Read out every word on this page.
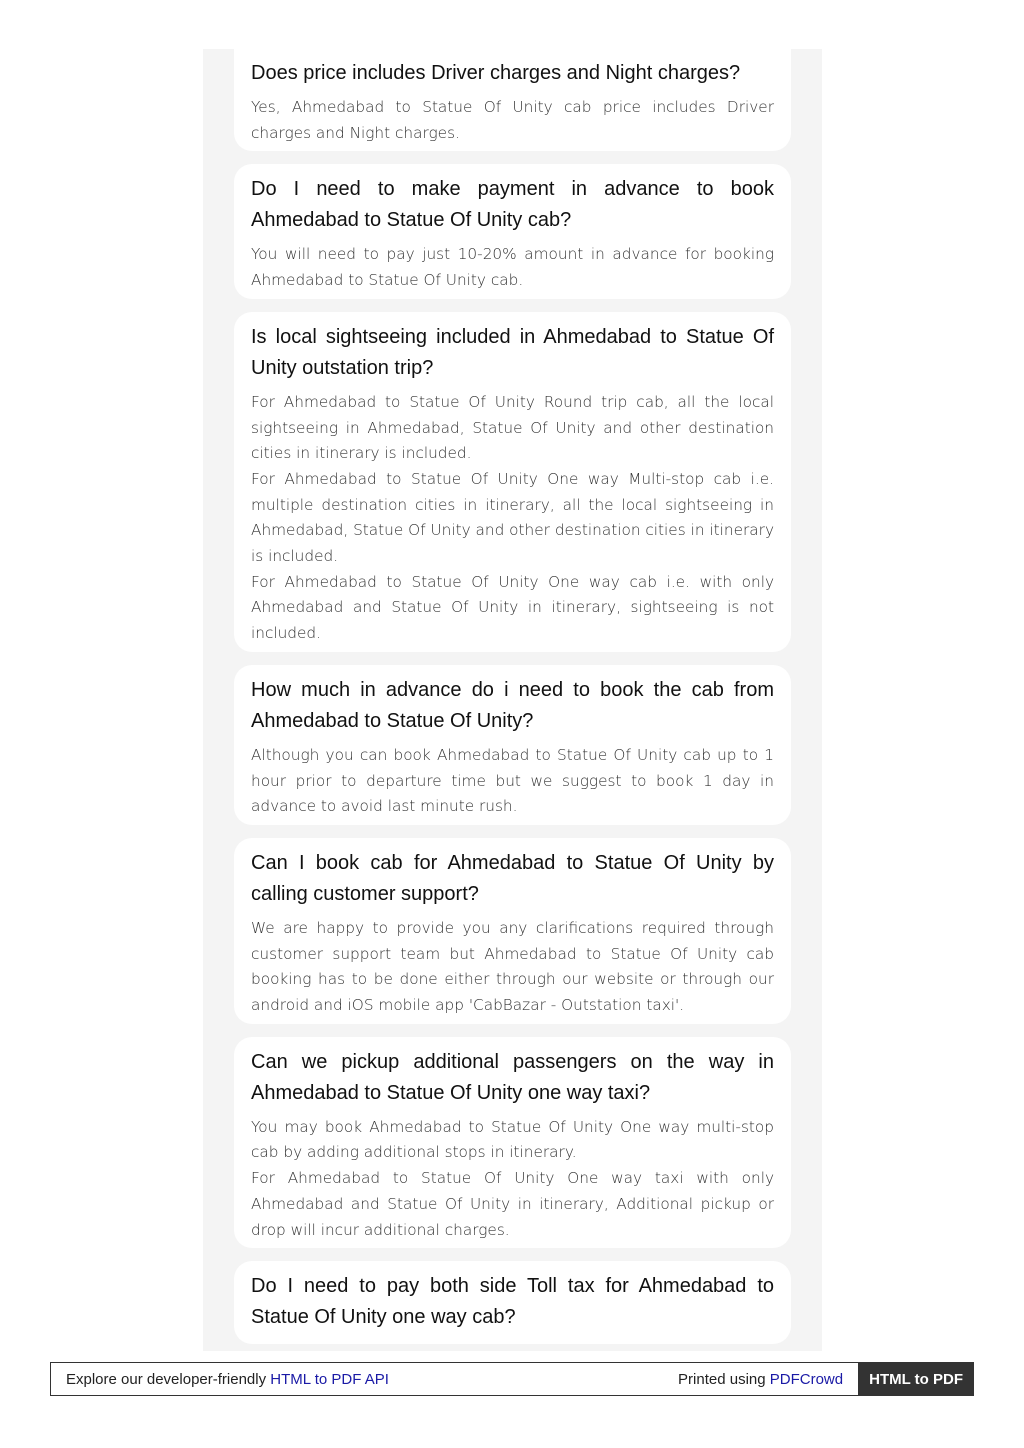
Does price includes Driver charges and Night charges?

Yes, Ahmedabad to Statue Of Unity cab price includes Driver charges and Night charges.

Do I need to make payment in advance to book Ahmedabad to Statue Of Unity cab?

You will need to pay just 10-20% amount in advance for booking Ahmedabad to Statue Of Unity cab.

Is local sightseeing included in Ahmedabad to Statue Of Unity outstation trip?

For Ahmedabad to Statue Of Unity Round trip cab, all the local sightseeing in Ahmedabad, Statue Of Unity and other destination cities in itinerary is included.

For Ahmedabad to Statue Of Unity One way Multi-stop cab i.e. multiple destination cities in itinerary, all the local sightseeing in Ahmedabad, Statue Of Unity and other destination cities in itinerary is included.

For Ahmedabad to Statue Of Unity One way cab i.e. with only Ahmedabad and Statue Of Unity in itinerary, sightseeing is not included.

How much in advance do i need to book the cab from Ahmedabad to Statue Of Unity?

Although you can book Ahmedabad to Statue Of Unity cab up to 1 hour prior to departure time but we suggest to book 1 day in advance to avoid last minute rush.

Can I book cab for Ahmedabad to Statue Of Unity by calling customer support?

We are happy to provide you any clarifications required through customer support team but Ahmedabad to Statue Of Unity cab booking has to be done either through our website or through our android and iOS mobile app 'CabBazar - Outstation taxi'.

Can we pickup additional passengers on the way in Ahmedabad to Statue Of Unity one way taxi?

You may book Ahmedabad to Statue Of Unity One way multi-stop cab by adding additional stops in itinerary.

For Ahmedabad to Statue Of Unity One way taxi with only Ahmedabad and Statue Of Unity in itinerary, Additional pickup or drop will incur additional charges.

Do I need to pay both side Toll tax for Ahmedabad to Statue Of Unity one way cab?
Explore our developer-friendly HTML to PDF API	Printed using PDFCrowd	HTML to PDF
